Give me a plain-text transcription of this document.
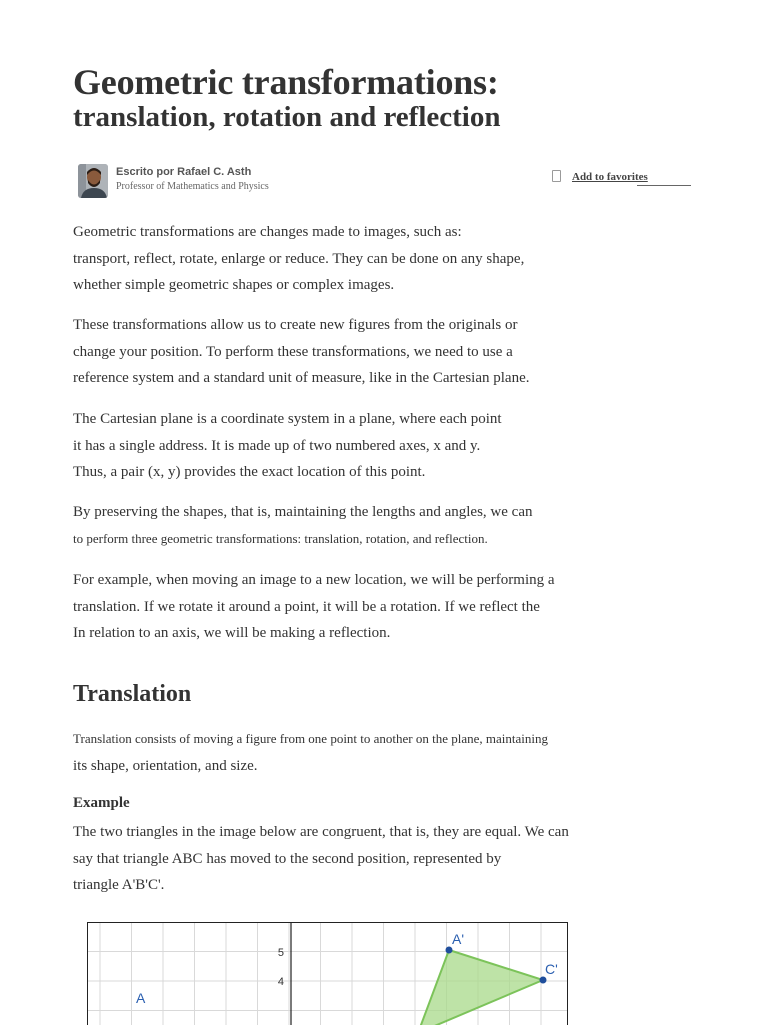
Geometric transformations:
translation, rotation and reflection
Escrito por Rafael C. Asth
Professor of Mathematics and Physics
Add to favorites
Geometric transformations are changes made to images, such as:
transport, reflect, rotate, enlarge or reduce. They can be done on any shape,
whether simple geometric shapes or complex images.
These transformations allow us to create new figures from the originals or
change your position. To perform these transformations, we need to use a
reference system and a standard unit of measure, like in the Cartesian plane.
The Cartesian plane is a coordinate system in a plane, where each point
it has a single address. It is made up of two numbered axes, x and y.
Thus, a pair (x, y) provides the exact location of this point.
By preserving the shapes, that is, maintaining the lengths and angles, we can
to perform three geometric transformations: translation, rotation, and reflection.
For example, when moving an image to a new location, we will be performing a
translation. If we rotate it around a point, it will be a rotation. If we reflect the
In relation to an axis, we will be making a reflection.
Translation
Translation consists of moving a figure from one point to another on the plane, maintaining
its shape, orientation, and size.
Example
The two triangles in the image below are congruent, that is, they are equal. We can
say that triangle ABC has moved to the second position, represented by
triangle A'B'C'.
5
4
A'
C'
A
